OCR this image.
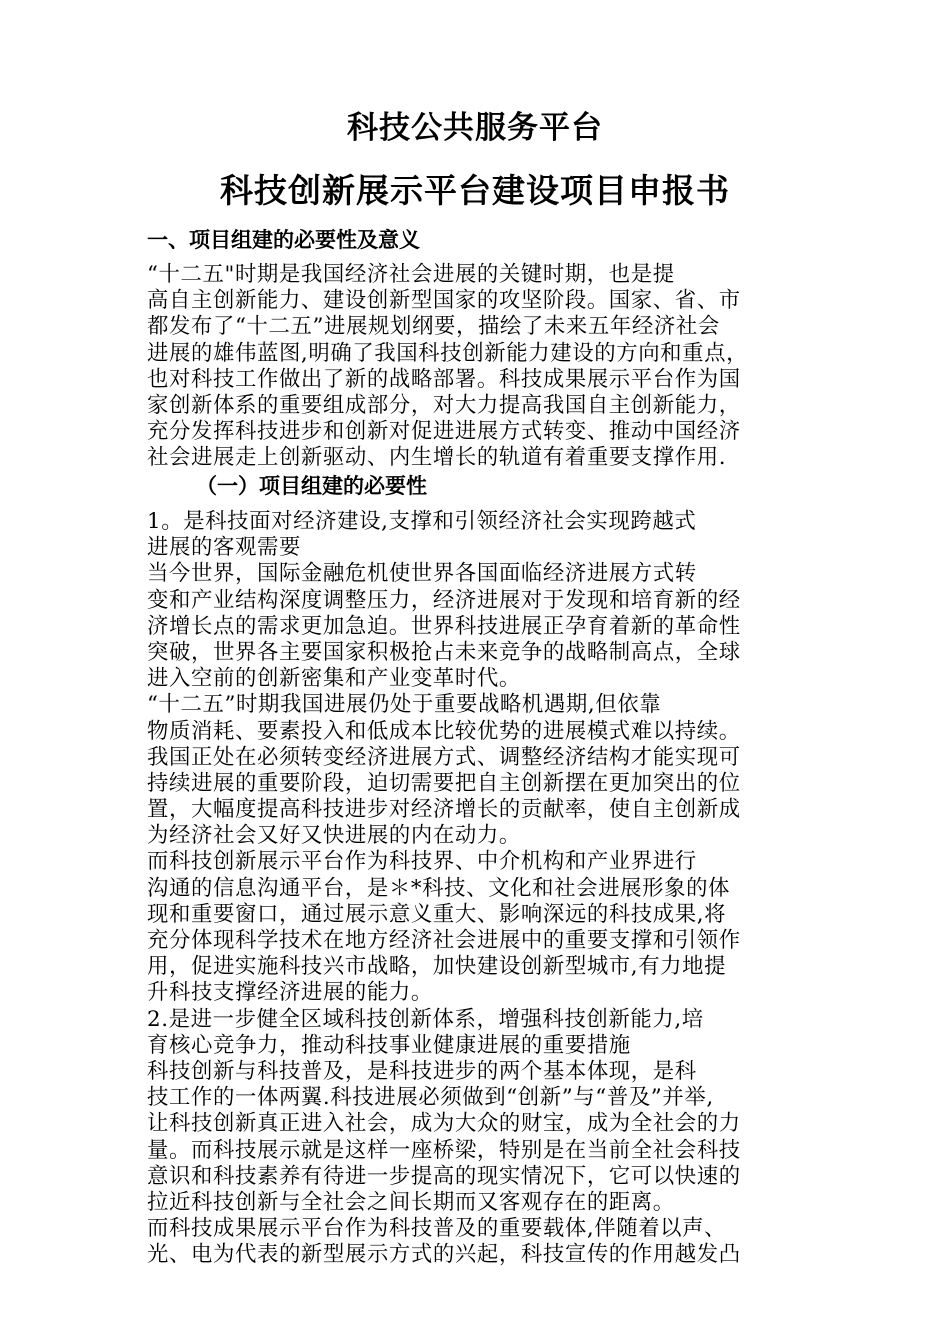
科技公共服务平台
科技创新展示平台建设项目申报书
一、项目组建的必要性及意义
“十二五"时期是我国经济社会进展的关键时期，也是提
高自主创新能力、建设创新型国家的攻坚阶段。国家、省、市
都发布了“十二五”进展规划纲要，描绘了未来五年经济社会
进展的雄伟蓝图,明确了我国科技创新能力建设的方向和重点，
也对科技工作做出了新的战略部署。科技成果展示平台作为国
家创新体系的重要组成部分，对大力提高我国自主创新能力，
充分发挥科技进步和创新对促进进展方式转变、推动中国经济
社会进展走上创新驱动、内生增长的轨道有着重要支撑作用.
（一）项目组建的必要性
1。是科技面对经济建设,支撑和引领经济社会实现跨越式
进展的客观需要
当今世界，国际金融危机使世界各国面临经济进展方式转
变和产业结构深度调整压力，经济进展对于发现和培育新的经
济增长点的需求更加急迫。世界科技进展正孕育着新的革命性
突破，世界各主要国家积极抢占未来竞争的战略制高点，全球
进入空前的创新密集和产业变革时代。
“十二五”时期我国进展仍处于重要战略机遇期,但依靠
物质消耗、要素投入和低成本比较优势的进展模式难以持续。
我国正处在必须转变经济进展方式、调整经济结构才能实现可
持续进展的重要阶段，迫切需要把自主创新摆在更加突出的位
置，大幅度提高科技进步对经济增长的贡献率，使自主创新成
为经济社会又好又快进展的内在动力。
而科技创新展示平台作为科技界、中介机构和产业界进行
沟通的信息沟通平台，是＊*科技、文化和社会进展形象的体
现和重要窗口，通过展示意义重大、影响深远的科技成果,将
充分体现科学技术在地方经济社会进展中的重要支撑和引领作
用，促进实施科技兴市战略，加快建设创新型城市,有力地提
升科技支撑经济进展的能力。
2.是进一步健全区域科技创新体系，增强科技创新能力,培
育核心竞争力，推动科技事业健康进展的重要措施
科技创新与科技普及，是科技进步的两个基本体现，是科
技工作的一体两翼.科技进展必须做到“创新”与“普及”并举,
让科技创新真正进入社会，成为大众的财宝，成为全社会的力
量。而科技展示就是这样一座桥梁，特别是在当前全社会科技
意识和科技素养有待进一步提高的现实情况下，它可以快速的
拉近科技创新与全社会之间长期而又客观存在的距离。
而科技成果展示平台作为科技普及的重要载体,伴随着以声、
光、电为代表的新型展示方式的兴起，科技宣传的作用越发凸
